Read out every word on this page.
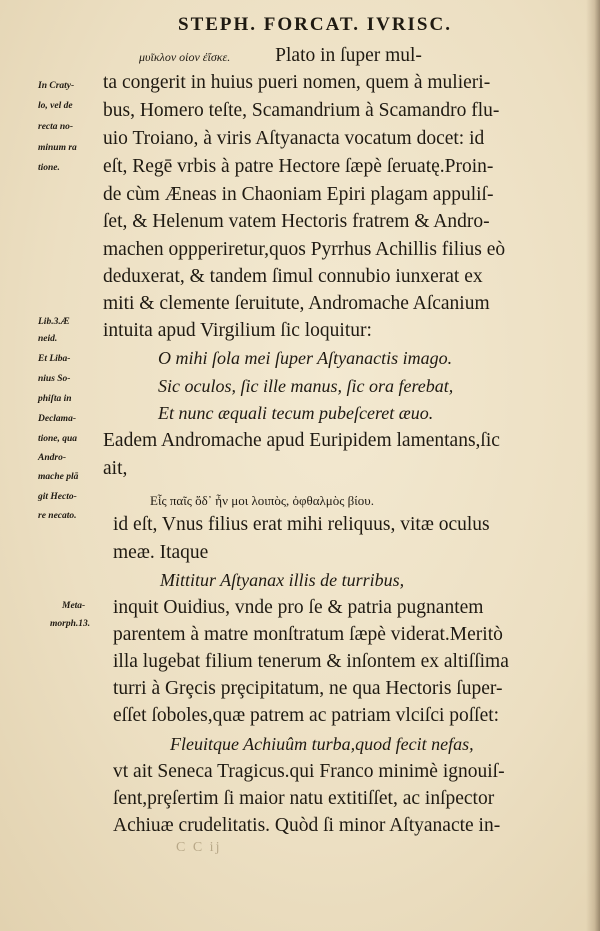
STEPH. FORCAT. IVRISC.
μυῖκλον οἰον ἐἴσκε. Plato in ſuper mul-
ta congerit in huius pueri nomen, quem à mulieri-
bus, Homero teſte, Scamandrium à Scamandro flu-
uio Troiano, à viris Aſtyanacta vocatum docet: id
eſt, Regē vrbis à patre Hectore ſæpè ſeruatę.Proin-
de cùm Æneas in Chaoniam Epiri plagam appuliſ-
ſet, & Helenum vatem Hectoris fratrem & Andro-
machen oppperiretur,quos Pyrrhus Achillis filius eò
deduxerat, & tandem ſimul connubio iunxerat ex
miti & clemente ſeruitute, Andromache Aſcanium
intuita apud Virgilium ſic loquitur:
O mihi ſola mei ſuper Aſtyanactis imago.
Sic oculos, ſic ille manus, ſic ora ferebat,
Et nunc æquali tecum pubeſceret æuo.
Eadem Andromache apud Euripidem lamentans,ſic
ait,
Εἷς παῖς ὅδ᾽ ἦν μοι λοιπὸς, ὀφθαλμὸς βίου.
id eſt, Vnus filius erat mihi reliquus, vitæ oculus
meæ. Itaque
Mittitur Aſtyanax illis de turribus,
inquit Ouidius, vnde pro ſe & patria pugnantem
parentem à matre monſtratum ſæpè viderat.Meritò
illa lugebat filium tenerum & inſontem ex altiſſima
turri à Grȩcis prȩcipitatum, ne qua Hectoris ſuper-
eſſet ſoboles,quæ patrem ac patriam vlciſci poſſet:
Fleuitque Achiuûm turba,quod fecit nefas,
vt ait Seneca Tragicus.qui Franco minimè ignouiſ-
ſent,prȩſertim ſi maior natu extitiſſet, ac inſpector
Achiuæ crudelitatis. Quòd ſi minor Aſtyanacte in-
In Craty-
lo, vel de
recta no-
minum ra
tione.
Lib.3.Æ
neid.
Et Liba-
nius So-
phiſta in
Declama-
tione, qua
Andro-
mache plā
git Hecto-
re necato.
Meta-
morph.13.
C C ij
